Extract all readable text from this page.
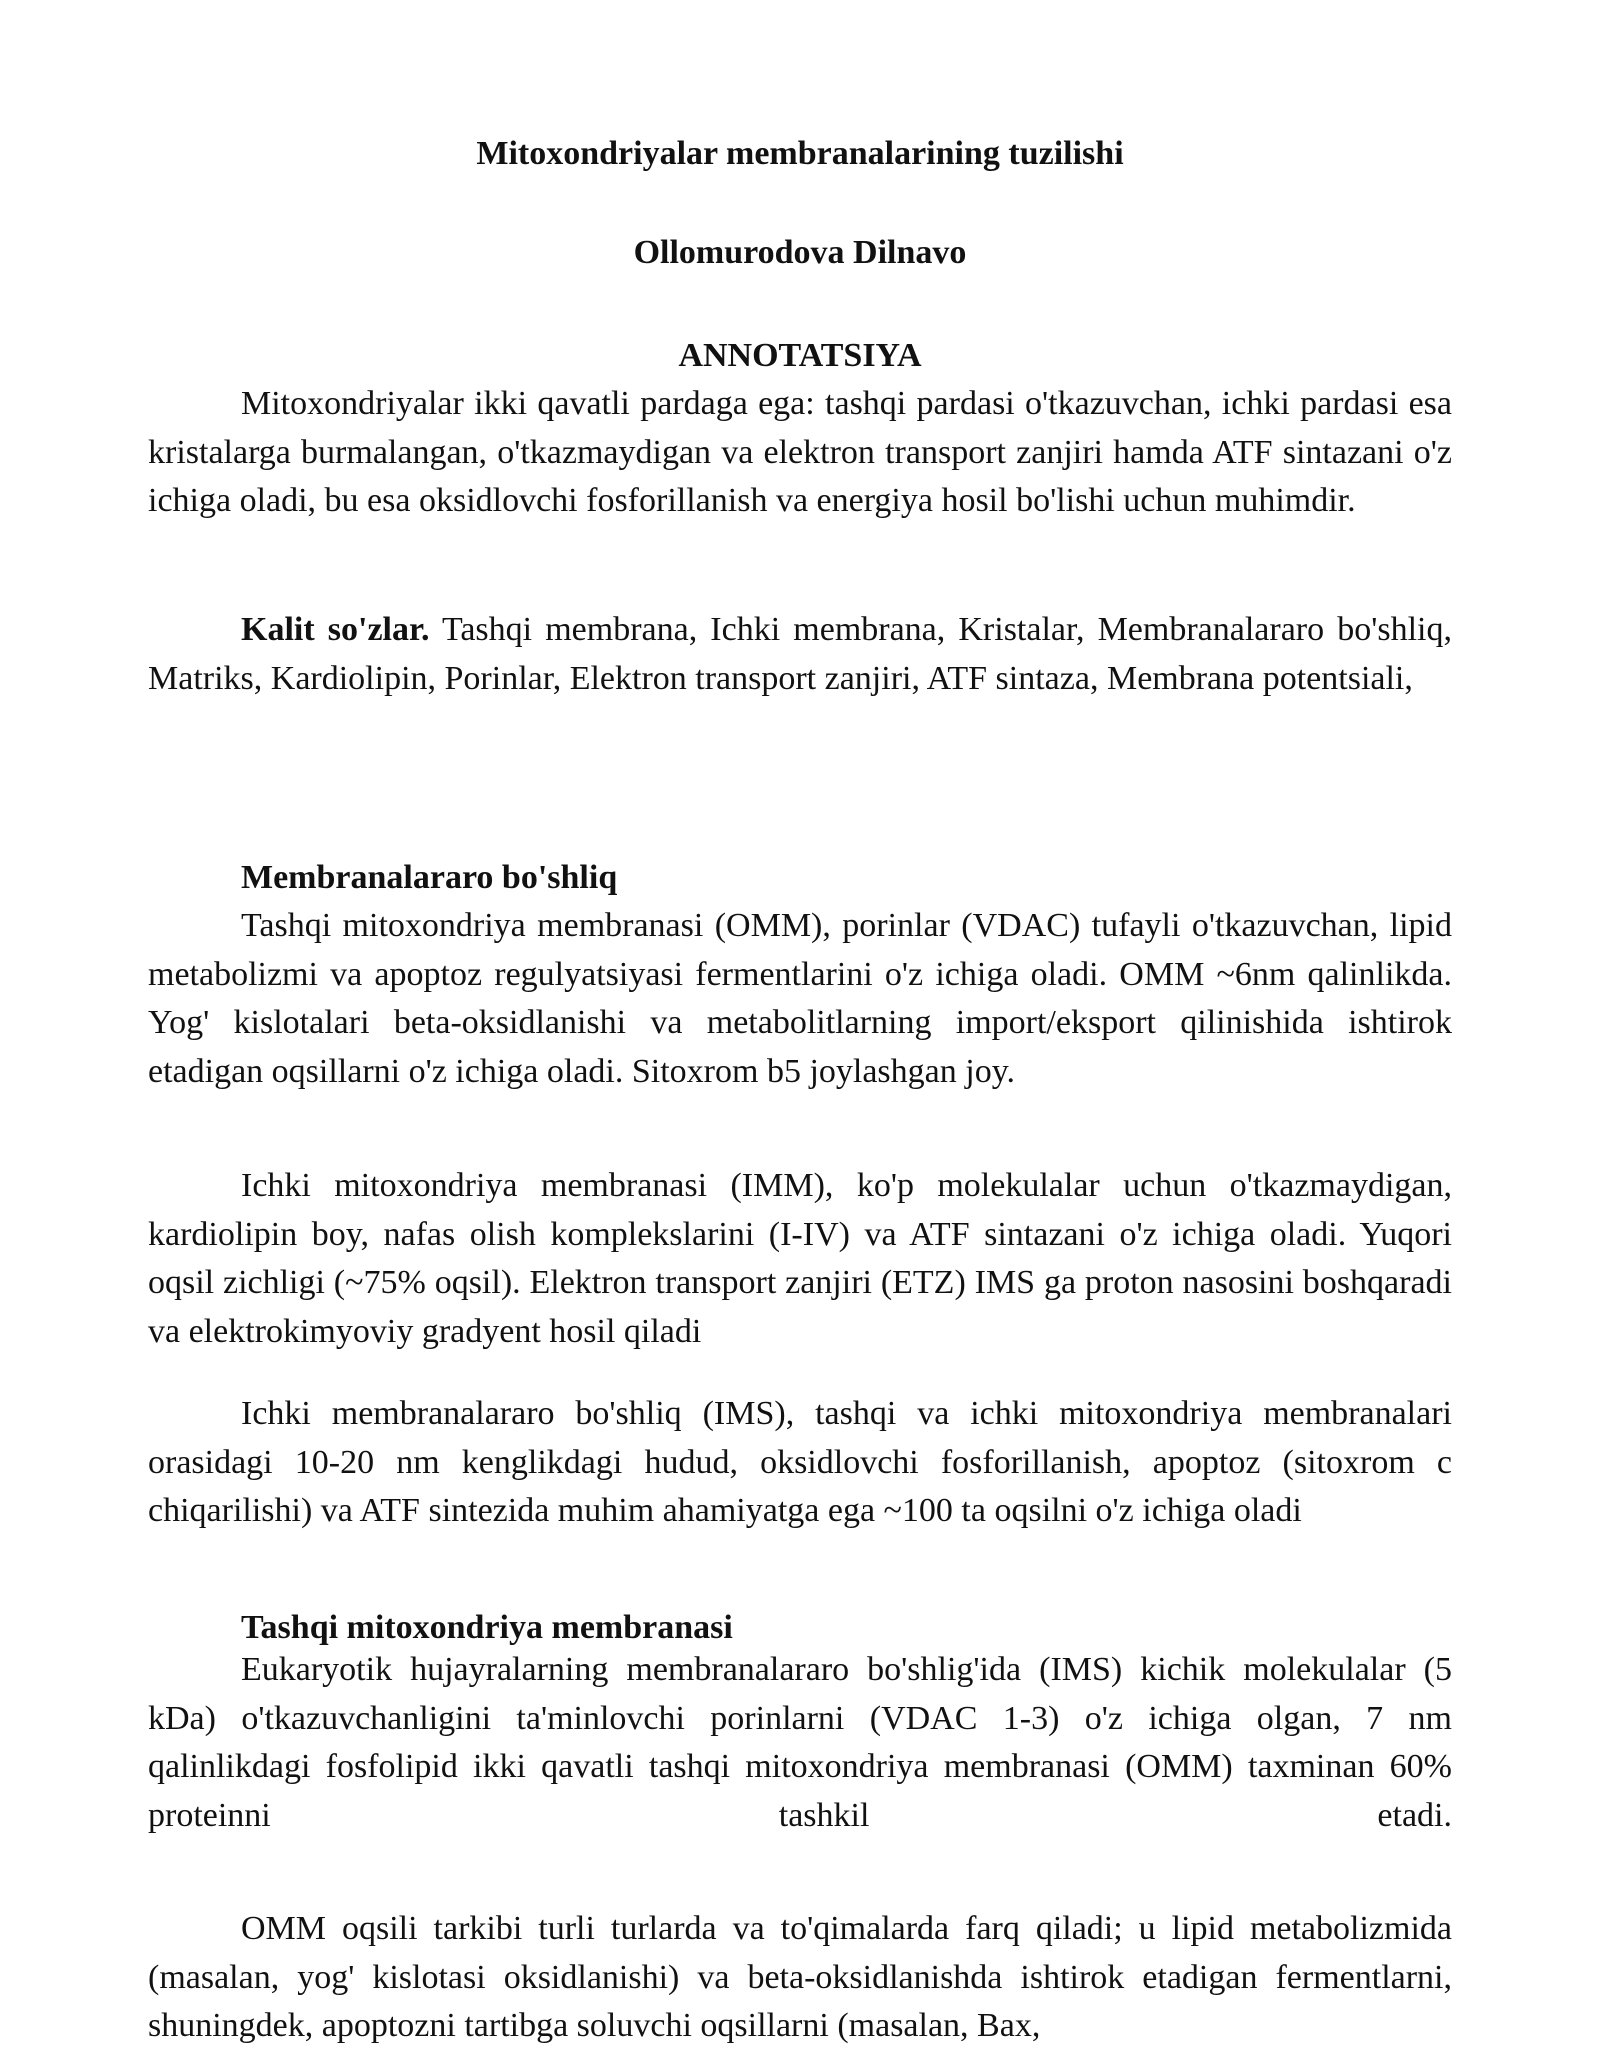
Mitoxondriyalar membranalarining tuzilishi
Ollomurodova Dilnavo
ANNOTATSIYA

Mitoxondriyalar ikki qavatli pardaga ega: tashqi pardasi o'tkazuvchan, ichki pardasi esa kristalarga burmalangan, o'tkazmaydigan va elektron transport zanjiri hamda ATF sintazani o'z ichiga oladi, bu esa oksidlovchi fosforillanish va energiya hosil bo'lishi uchun muhimdir.

Kalit so'zlar. Tashqi membrana, Ichki membrana, Kristalar, Membranalararo bo'shliq, Matriks, Kardiolipin, Porinlar, Elektron transport zanjiri, ATF sintaza, Membrana potentsiali,

Membranalararo bo'shliq

Tashqi mitoxondriya membranasi (OMM), porinlar (VDAC) tufayli o'tkazuvchan, lipid metabolizmi va apoptoz regulyatsiyasi fermentlarini o'z ichiga oladi. OMM ~6nm qalinlikda. Yog' kislotalari beta-oksidlanishi va metabolitlarning import/eksport qilinishida ishtirok etadigan oqsillarni o'z ichiga oladi. Sitoxrom b5 joylashgan joy.

Ichki mitoxondriya membranasi (IMM), ko'p molekulalar uchun o'tkazmaydigan, kardiolipin boy, nafas olish komplekslarini (I-IV) va ATF sintazani o'z ichiga oladi. Yuqori oqsil zichligi (~75% oqsil). Elektron transport zanjiri (ETZ) IMS ga proton nasosini boshqaradi va elektrokimyoviy gradyent hosil qiladi

Ichki membranalararo bo'shliq (IMS), tashqi va ichki mitoxondriya membranalari orasidagi 10-20 nm kenglikdagi hudud, oksidlovchi fosforillanish, apoptoz (sitoxrom c chiqarilishi) va ATF sintezida muhim ahamiyatga ega ~100 ta oqsilni o'z ichiga oladi

Tashqi mitoxondriya membranasi

Eukaryotik hujayralarning membranalararo bo'shlig'ida (IMS) kichik molekulalar (5 kDa) o'tkazuvchanligini ta'minlovchi porinlarni (VDAC 1-3) o'z ichiga olgan, 7 nm qalinlikdagi fosfolipid ikki qavatli tashqi mitoxondriya membranasi (OMM) taxminan 60% proteinni tashkil etadi.

OMM oqsili tarkibi turli turlarda va to'qimalarda farq qiladi; u lipid metabolizmida (masalan, yog' kislotasi oksidlanishi) va beta-oksidlanishda ishtirok etadigan fermentlarni, shuningdek, apoptozni tartibga soluvchi oqsillarni (masalan, Bax,
